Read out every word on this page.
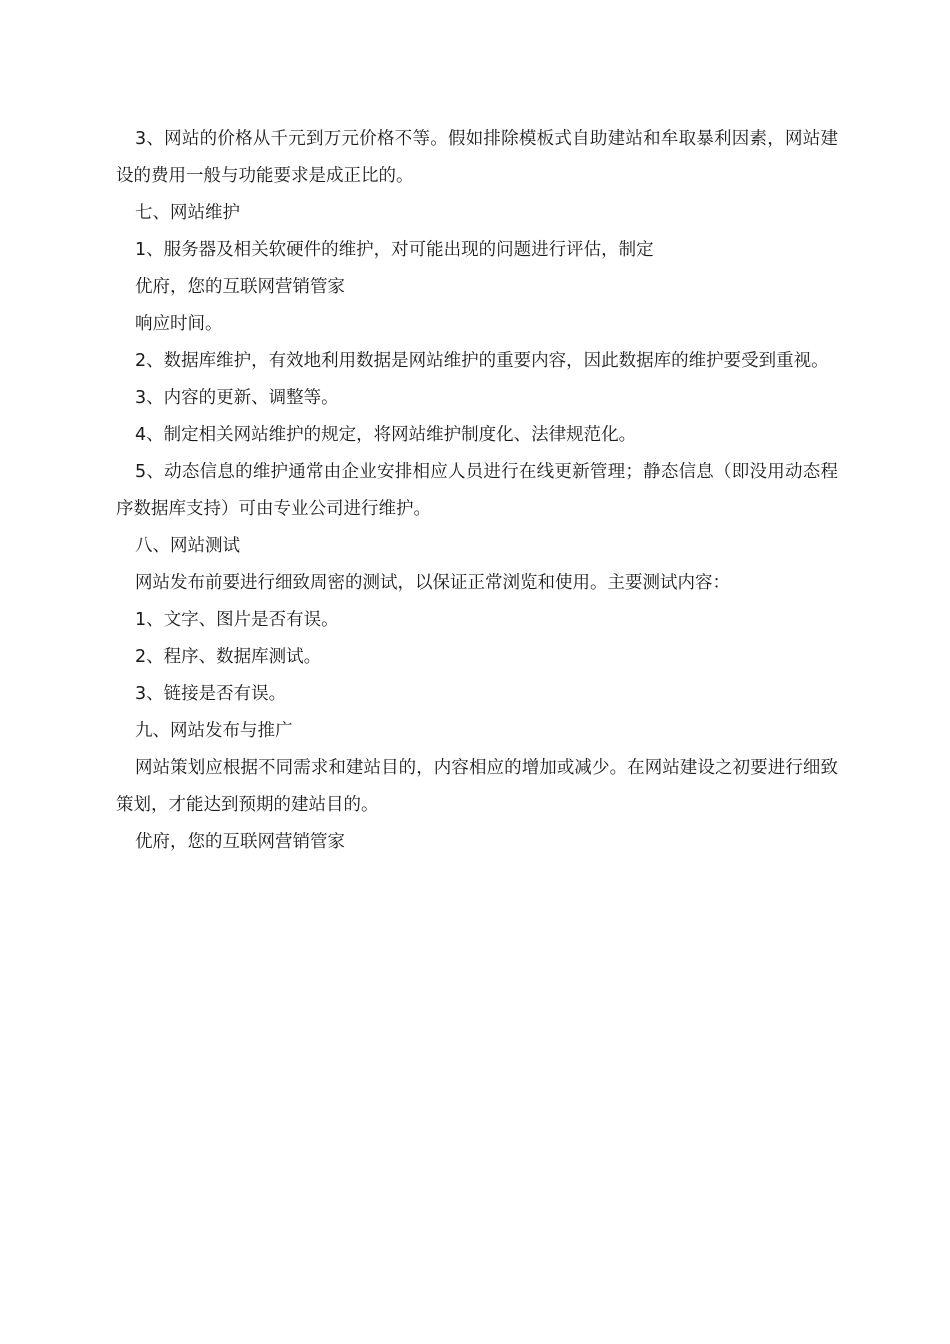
3、网站的价格从千元到万元价格不等。假如排除模板式自助建站和牟取暴利因素，网站建设的费用一般与功能要求是成正比的。

七、网站维护

1、服务器及相关软硬件的维护，对可能出现的问题进行评估，制定

优府，您的互联网营销管家

响应时间。

2、数据库维护，有效地利用数据是网站维护的重要内容，因此数据库的维护要受到重视。

3、内容的更新、调整等。

4、制定相关网站维护的规定，将网站维护制度化、法律规范化。

5、动态信息的维护通常由企业安排相应人员进行在线更新管理；静态信息（即没用动态程序数据库支持）可由专业公司进行维护。

八、网站测试

网站发布前要进行细致周密的测试，以保证正常浏览和使用。主要测试内容：

1、文字、图片是否有误。

2、程序、数据库测试。

3、链接是否有误。

九、网站发布与推广

网站策划应根据不同需求和建站目的，内容相应的增加或减少。在网站建设之初要进行细致策划，才能达到预期的建站目的。

优府，您的互联网营销管家
